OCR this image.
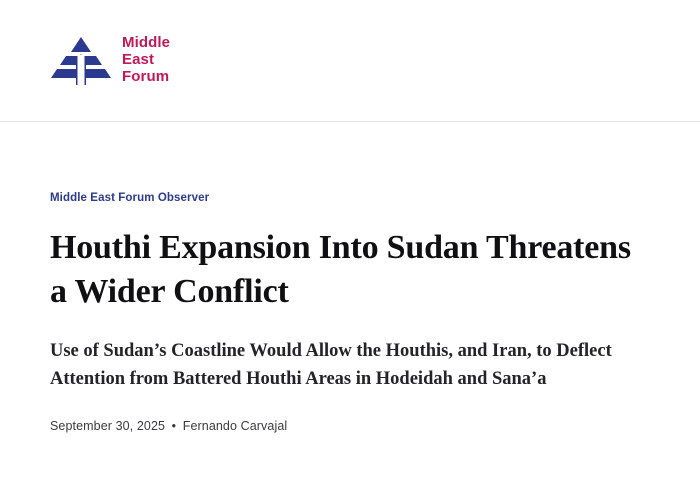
Middle
East
Forum
Middle East Forum Observer
Houthi Expansion Into Sudan Threatens a Wider Conflict
Use of Sudan’s Coastline Would Allow the Houthis, and Iran, to Deflect Attention from Battered Houthi Areas in Hodeidah and Sana’a
September 30, 2025 • Fernando Carvajal
